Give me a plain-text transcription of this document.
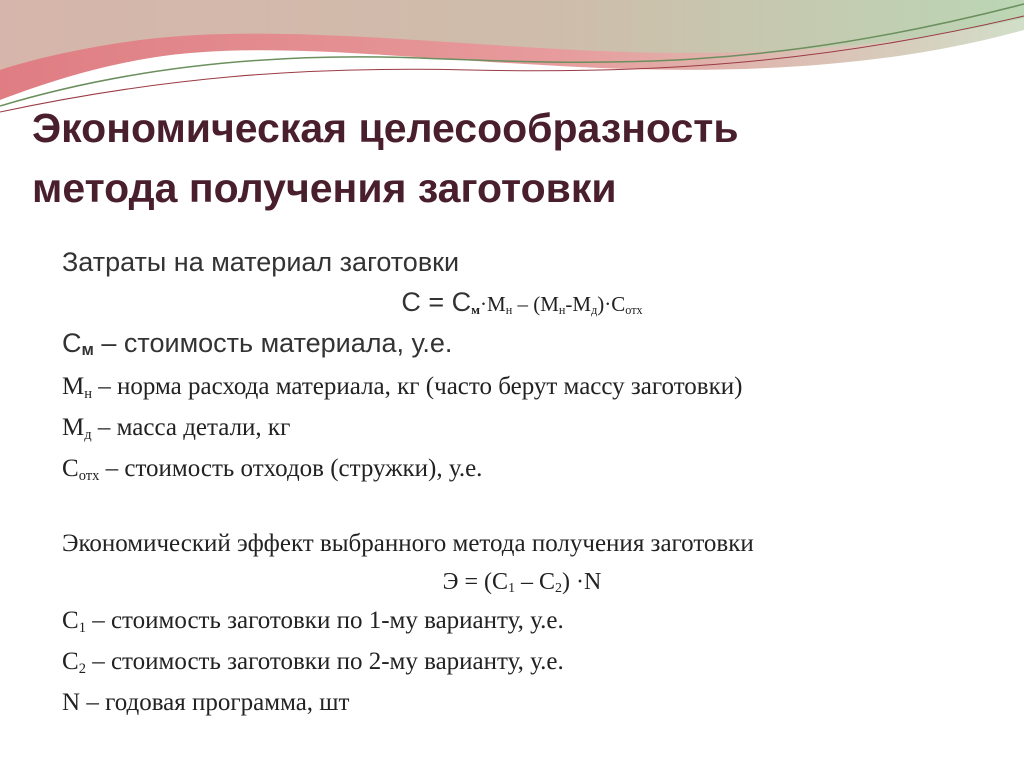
Экономическая целесообразность
метода получения заготовки

Затраты на материал заготовки

$С = См\cdot М_н - (М_н-М_д)\cdot С_{отх}$

См – стоимость материала, у.е.

$М_н$ – норма расхода материала, кг (часто берут массу заготовки)

$М_д$ – масса детали, кг

$С_{отх}$ – стоимость отходов (стружки), у.е.

Экономический эффект выбранного метода получения заготовки

$Э = (С_1 - С_2) \cdot N$

$С_1$ – стоимость заготовки по 1-му варианту, у.е.

$С_2$ – стоимость заготовки по 2-му варианту, у.е.

N – годовая программа, шт
